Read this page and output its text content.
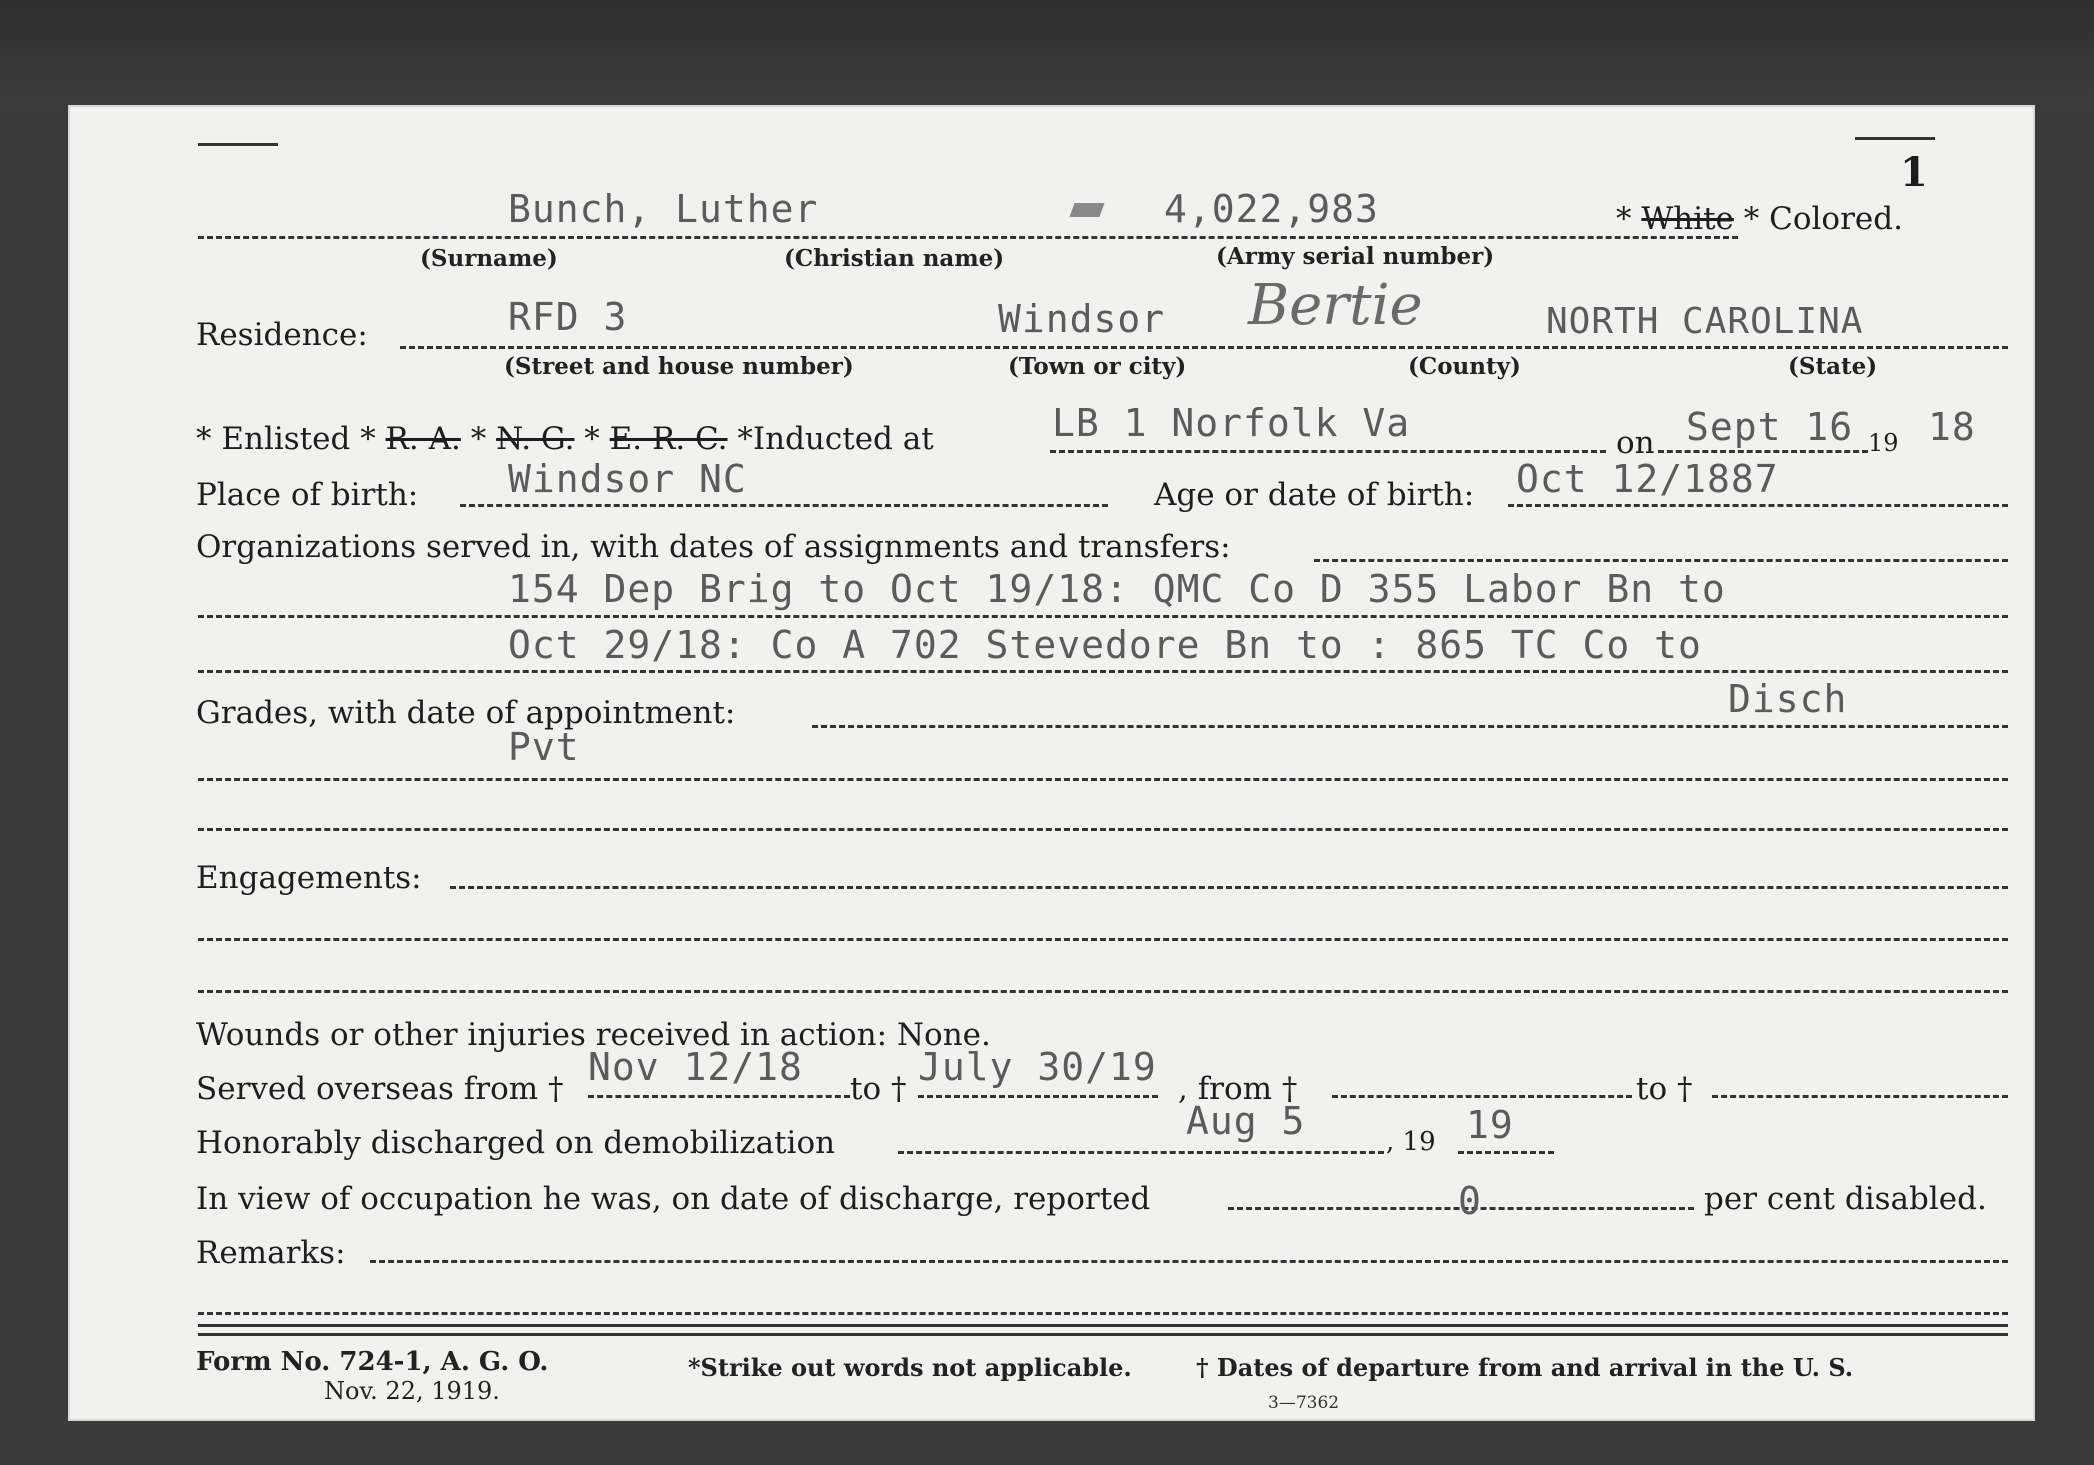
1
Bunch, Luther	4,022,983	* White * Colored.
(Surname)	(Christian name)	(Army serial number)
Residence:	RFD 3	Windsor Bertie	NORTH CAROLINA
(Street and house number)	(Town or city)	(County)	(State)
* Enlisted * R. A. * N. G. * E. R. C. *Inducted at	LB 1 Norfolk Va	on Sept 16 19 18
Place of birth: Windsor NC	Age or date of birth: Oct 12/1887
Organizations served in, with dates of assignments and transfers:
154 Dep Brig to Oct 19/18: QMC Co D 355 Labor Bn to
Oct 29/18: Co A 702 Stevedore Bn to : 865 TC Co to
Disch
Grades, with date of appointment:
Pvt
Engagements:
Wounds or other injuries received in action: None.
Served overseas from † Nov 12/18 to † July 30/19 , from †	to †
Honorably discharged on demobilization	Aug 5	, 19 19
In view of occupation he was, on date of discharge, reported	0	per cent disabled.
Remarks:
Form No. 724-1, A. G. O.
Nov. 22, 1919.
*Strike out words not applicable.	† Dates of departure from and arrival in the U. S.
3—7362
